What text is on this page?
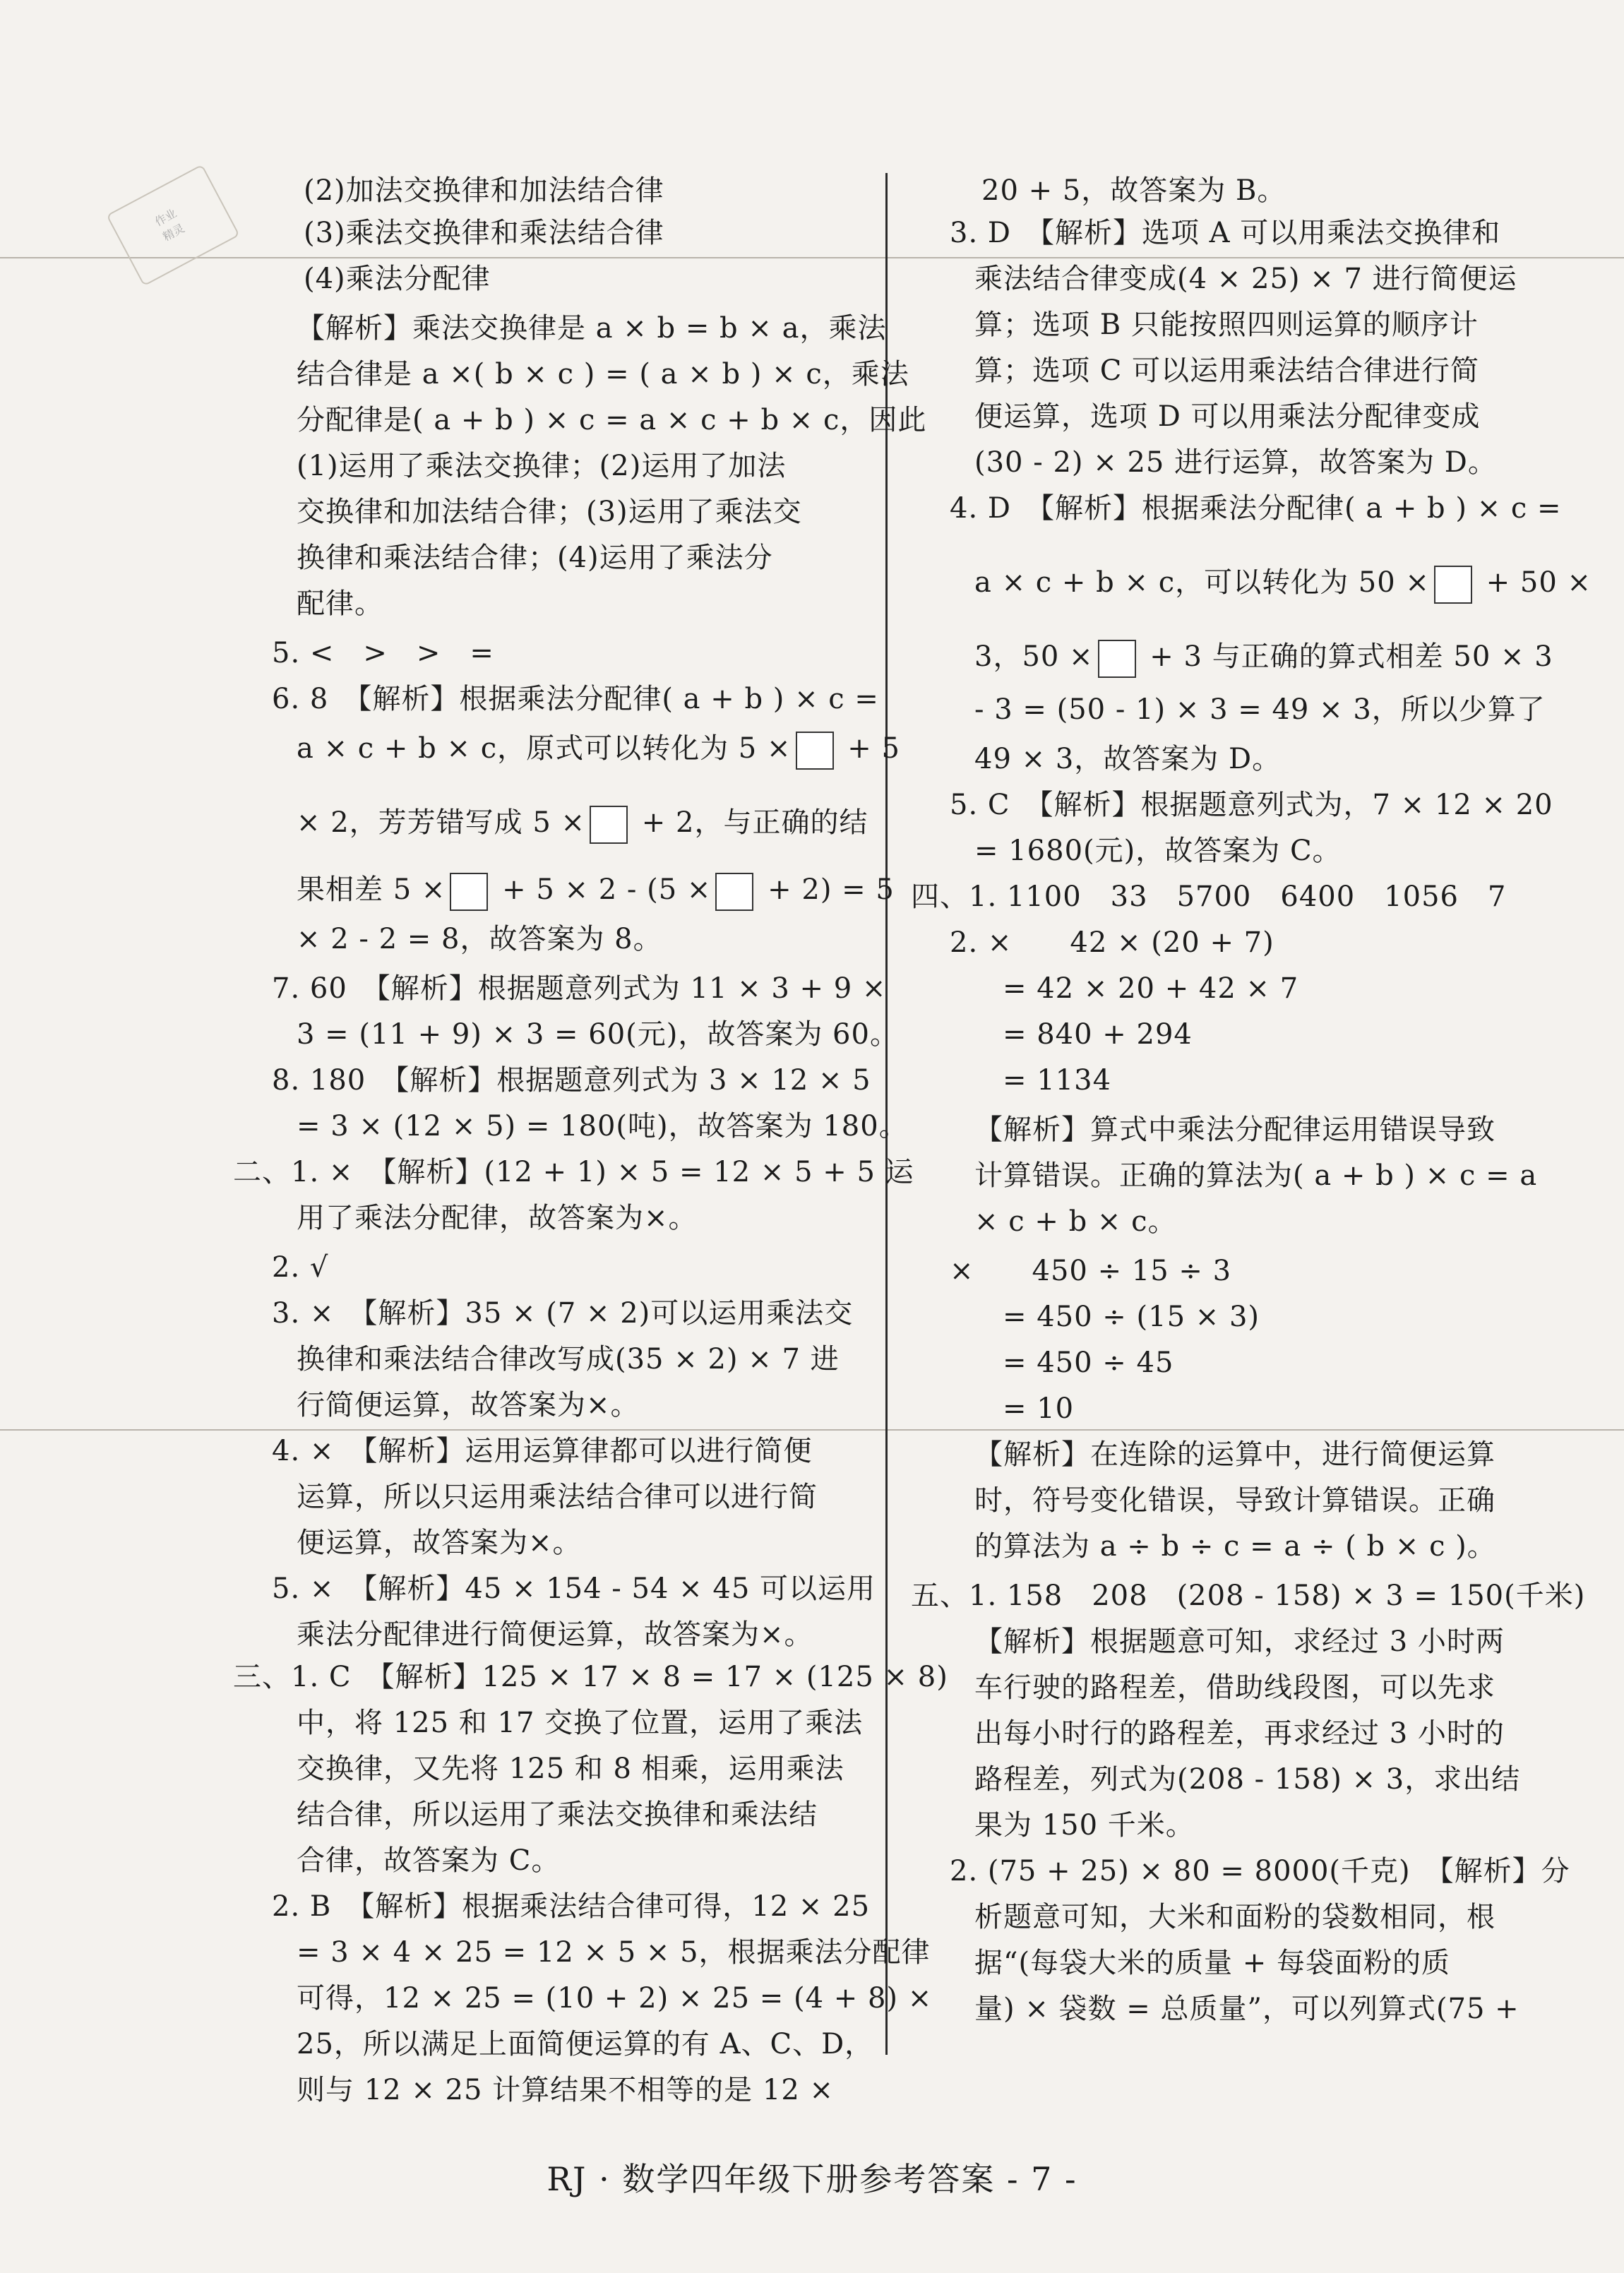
作业
精灵
(2)加法交换律和加法结合律
(3)乘法交换律和乘法结合律
(4)乘法分配律
【解析】乘法交换律是 a × b = b × a，乘法
结合律是 a ×( b × c ) = ( a × b ) × c，乘法
分配律是( a + b ) × c = a × c + b × c，因此
(1)运用了乘法交换律；(2)运用了加法
交换律和加法结合律；(3)运用了乘法交
换律和乘法结合律；(4)运用了乘法分
配律。
5. <　>　>　=
6. 8　【解析】根据乘法分配律( a + b ) × c =
a × c + b × c，原式可以转化为 5 × + 5
× 2，芳芳错写成 5 × + 2，与正确的结
果相差 5 × + 5 × 2 - (5 × + 2) = 5
× 2 - 2 = 8，故答案为 8。
7. 60　【解析】根据题意列式为 11 × 3 + 9 ×
3 = (11 + 9) × 3 = 60(元)，故答案为 60。
8. 180　【解析】根据题意列式为 3 × 12 × 5
= 3 × (12 × 5) = 180(吨)，故答案为 180。
二、1. ×　【解析】(12 + 1) × 5 = 12 × 5 + 5 运
用了乘法分配律，故答案为×。
2. √
3. ×　【解析】35 × (7 × 2)可以运用乘法交
换律和乘法结合律改写成(35 × 2) × 7 进
行简便运算，故答案为×。
4. ×　【解析】运用运算律都可以进行简便
运算，所以只运用乘法结合律可以进行简
便运算，故答案为×。
5. ×　【解析】45 × 154 - 54 × 45 可以运用
乘法分配律进行简便运算，故答案为×。
三、1. C　【解析】125 × 17 × 8 = 17 × (125 × 8)
中，将 125 和 17 交换了位置，运用了乘法
交换律，又先将 125 和 8 相乘，运用乘法
结合律，所以运用了乘法交换律和乘法结
合律，故答案为 C。
2. B　【解析】根据乘法结合律可得，12 × 25
= 3 × 4 × 25 = 12 × 5 × 5，根据乘法分配律
可得，12 × 25 = (10 + 2) × 25 = (4 + 8) ×
25，所以满足上面简便运算的有 A、C、D，
则与 12 × 25 计算结果不相等的是 12 ×
20 + 5，故答案为 B。
3. D　【解析】选项 A 可以用乘法交换律和
乘法结合律变成(4 × 25) × 7 进行简便运
算；选项 B 只能按照四则运算的顺序计
算；选项 C 可以运用乘法结合律进行简
便运算，选项 D 可以用乘法分配律变成
(30 - 2) × 25 进行运算，故答案为 D。
4. D　【解析】根据乘法分配律( a + b ) × c =
a × c + b × c，可以转化为 50 × + 50 ×
3，50 × + 3 与正确的算式相差 50 × 3
- 3 = (50 - 1) × 3 = 49 × 3，所以少算了
49 × 3，故答案为 D。
5. C　【解析】根据题意列式为，7 × 12 × 20
= 1680(元)，故答案为 C。
四、1. 1100　33　5700　6400　1056　7
2. ×　　42 × (20 + 7)
= 42 × 20 + 42 × 7
= 840 + 294
= 1134
【解析】算式中乘法分配律运用错误导致
计算错误。正确的算法为( a + b ) × c = a
× c + b × c。
×　　450 ÷ 15 ÷ 3
= 450 ÷ (15 × 3)
= 450 ÷ 45
= 10
【解析】在连除的运算中，进行简便运算
时，符号变化错误，导致计算错误。正确
的算法为 a ÷ b ÷ c = a ÷ ( b × c )。
五、1. 158　208　(208 - 158) × 3 = 150(千米)
【解析】根据题意可知，求经过 3 小时两
车行驶的路程差，借助线段图，可以先求
出每小时行的路程差，再求经过 3 小时的
路程差，列式为(208 - 158) × 3，求出结
果为 150 千米。
2. (75 + 25) × 80 = 8000(千克)　【解析】分
析题意可知，大米和面粉的袋数相同，根
据“(每袋大米的质量 + 每袋面粉的质
量) × 袋数 = 总质量”，可以列算式(75 +
RJ · 数学四年级下册参考答案 - 7 -
